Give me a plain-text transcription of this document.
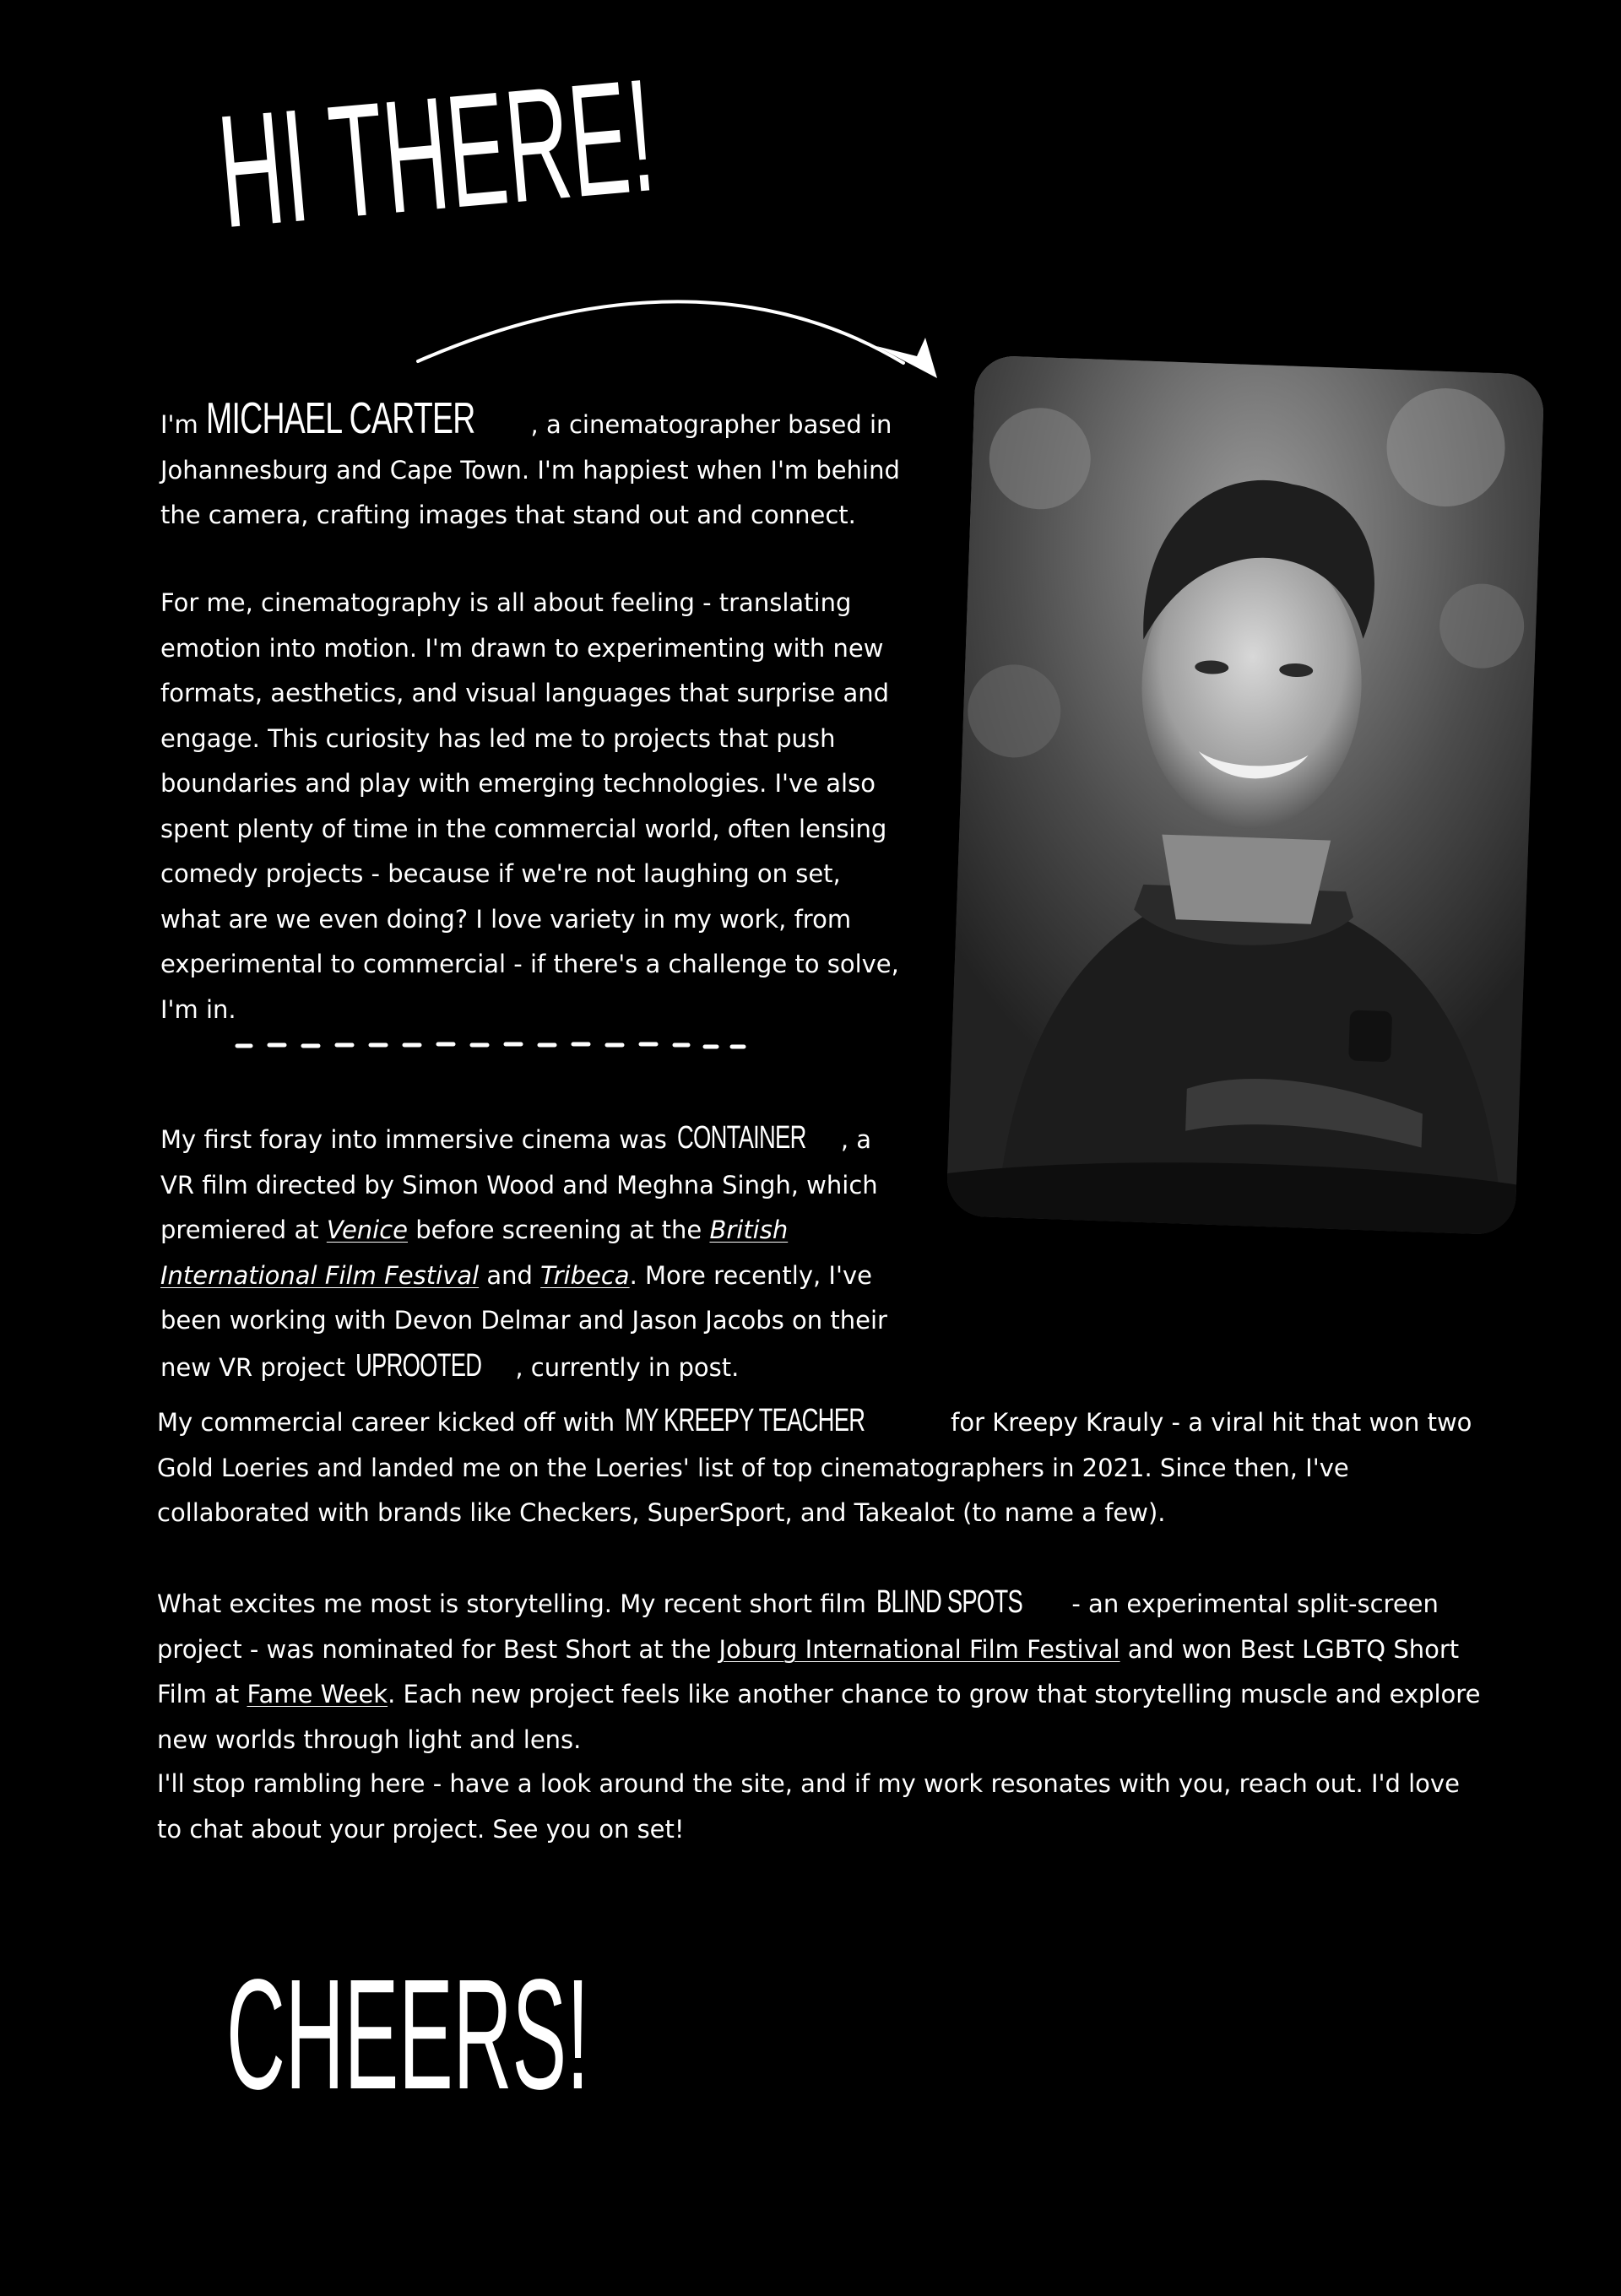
HI THERE!

I'm MICHAEL CARTER , a cinematographer based in Johannesburg and Cape Town. I'm happiest when I'm behind the camera, crafting images that stand out and connect.

For me, cinematography is all about feeling - translating emotion into motion. I'm drawn to experimenting with new formats, aesthetics, and visual languages that surprise and engage. This curiosity has led me to projects that push boundaries and play with emerging technologies. I've also spent plenty of time in the commercial world, often lensing comedy projects - because if we're not laughing on set, what are we even doing? I love variety in my work, from experimental to commercial - if there's a challenge to solve, I'm in.

My first foray into immersive cinema was CONTAINER , a VR film directed by Simon Wood and Meghna Singh, which premiered at Venice before screening at the British International Film Festival and Tribeca. More recently, I've been working with Devon Delmar and Jason Jacobs on their new VR project UPROOTED , currently in post.

My commercial career kicked off with MY KREEPY TEACHER	for Kreepy Krauly - a viral hit that won two Gold Loeries and landed me on the Loeries' list of top cinematographers in 2021. Since then, I've collaborated with brands like Checkers, SuperSport, and Takealot (to name a few).

What excites me most is storytelling. My recent short film BLIND SPOTS - an experimental split-screen project - was nominated for Best Short at the Joburg International Film Festival and won Best LGBTQ Short Film at Fame Week. Each new project feels like another chance to grow that storytelling muscle and explore new worlds through light and lens.

I'll stop rambling here - have a look around the site, and if my work resonates with you, reach out. I'd love to chat about your project. See you on set!

CHEERS!
